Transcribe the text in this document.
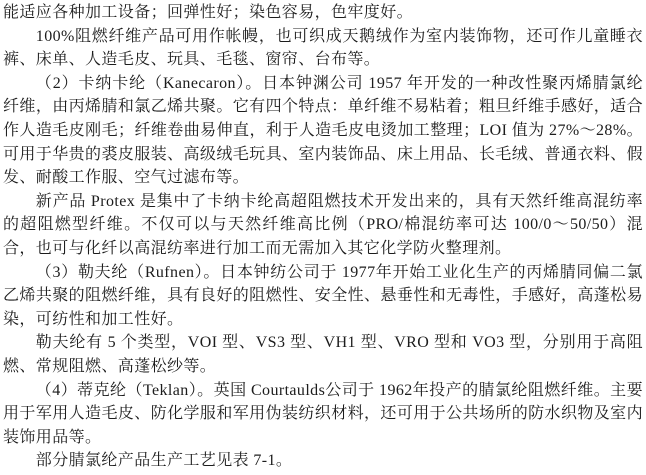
能适应各种加工设备；回弹性好；染色容易，色牢度好。

100%阻燃纤维产品可用作帐幔，也可织成天鹅绒作为室内装饰物，还可作儿童睡衣裤、床单、人造毛皮、玩具、毛毯、窗帘、台布等。

（2）卡纳卡纶（Kanecaron）。日本钟渊公司 1957 年开发的一种改性聚丙烯腈氯纶纤维，由丙烯腈和氯乙烯共聚。它有四个特点：单纤维不易粘着；粗旦纤维手感好，适合作人造毛皮刚毛；纤维卷曲易伸直，利于人造毛皮电烫加工整理；LOI 值为 27%～28%。可用于华贵的裘皮服装、高级绒毛玩具、室内装饰品、床上用品、长毛绒、普通衣料、假发、耐酸工作服、空气过滤布等。

新产品 Protex 是集中了卡纳卡纶高超阻燃技术开发出来的，具有天然纤维高混纺率的超阻燃型纤维。不仅可以与天然纤维高比例（PRO/棉混纺率可达 100/0～50/50）混合，也可与化纤以高混纺率进行加工而无需加入其它化学防火整理剂。

（3）勒夫纶（Rufnen）。日本钟纺公司于 1977年开始工业化生产的丙烯腈同偏二氯乙烯共聚的阻燃纤维，具有良好的阻燃性、安全性、悬垂性和无毒性，手感好，高蓬松易染，可纺性和加工性好。

勒夫纶有 5 个类型，VOI 型、VS3 型、VH1 型、VRO 型和 VO3 型，分别用于高阻燃、常规阻燃、高蓬松纱等。

（4）蒂克纶（Teklan）。英国 Courtaulds公司于 1962年投产的腈氯纶阻燃纤维。主要用于军用人造毛皮、防化学服和军用伪装纺织材料，还可用于公共场所的防水织物及室内装饰用品等。

部分腈氯纶产品生产工艺见表 7-1。
